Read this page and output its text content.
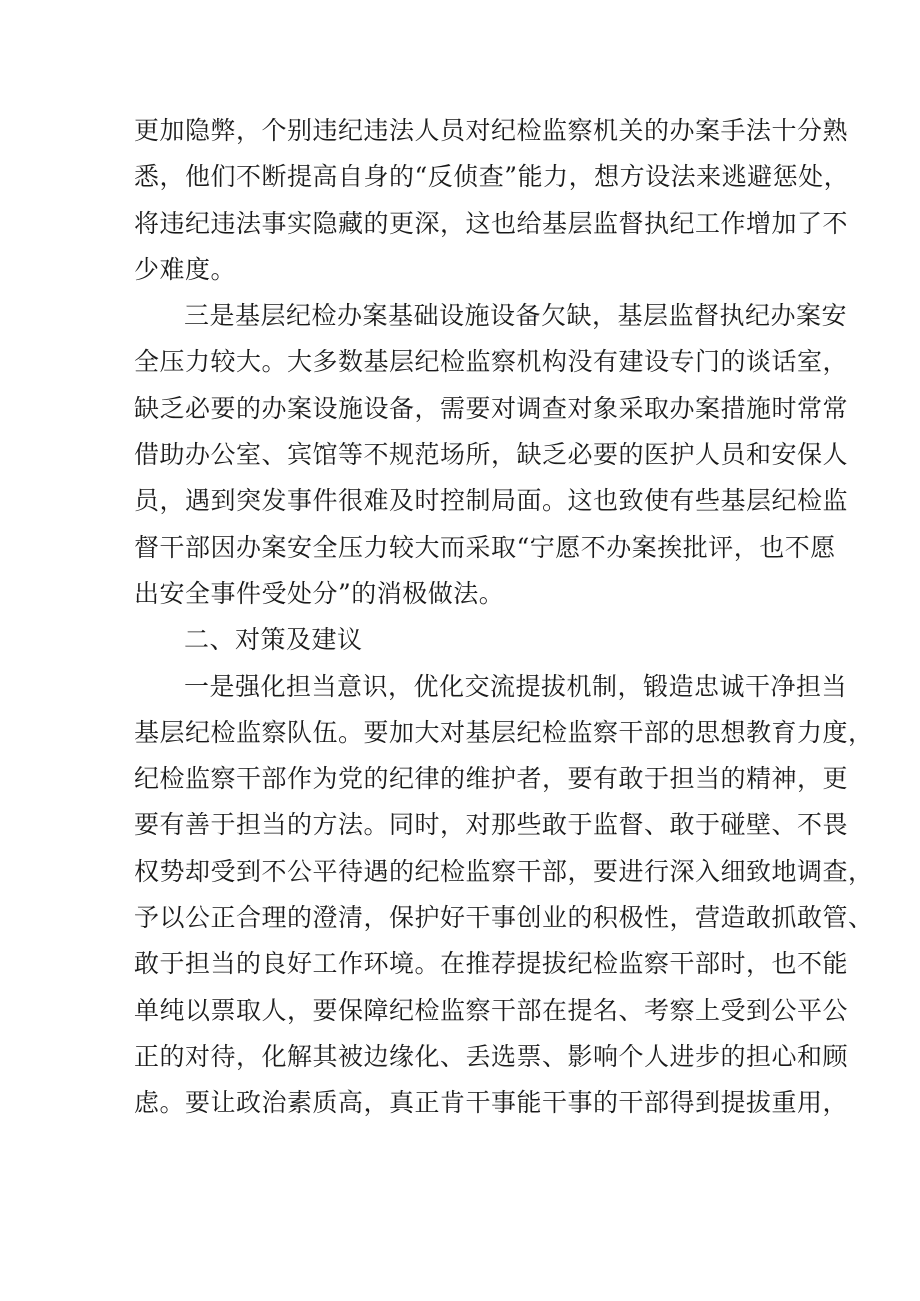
更加隐弊，个别违纪违法人员对纪检监察机关的办案手法十分熟
悉，他们不断提高自身的“反侦查”能力，想方设法来逃避惩处，
将违纪违法事实隐藏的更深，这也给基层监督执纪工作增加了不
少难度。
三是基层纪检办案基础设施设备欠缺，基层监督执纪办案安
全压力较大。大多数基层纪检监察机构没有建设专门的谈话室，
缺乏必要的办案设施设备，需要对调查对象采取办案措施时常常
借助办公室、宾馆等不规范场所，缺乏必要的医护人员和安保人
员，遇到突发事件很难及时控制局面。这也致使有些基层纪检监
督干部因办案安全压力较大而采取“宁愿不办案挨批评，也不愿
出安全事件受处分”的消极做法。
二、对策及建议
一是强化担当意识，优化交流提拔机制，锻造忠诚干净担当
基层纪检监察队伍。要加大对基层纪检监察干部的思想教育力度，
纪检监察干部作为党的纪律的维护者，要有敢于担当的精神，更
要有善于担当的方法。同时，对那些敢于监督、敢于碰壁、不畏
权势却受到不公平待遇的纪检监察干部，要进行深入细致地调查，
予以公正合理的澄清，保护好干事创业的积极性，营造敢抓敢管、
敢于担当的良好工作环境。在推荐提拔纪检监察干部时，也不能
单纯以票取人，要保障纪检监察干部在提名、考察上受到公平公
正的对待，化解其被边缘化、丢选票、影响个人进步的担心和顾
虑。要让政治素质高，真正肯干事能干事的干部得到提拔重用，
